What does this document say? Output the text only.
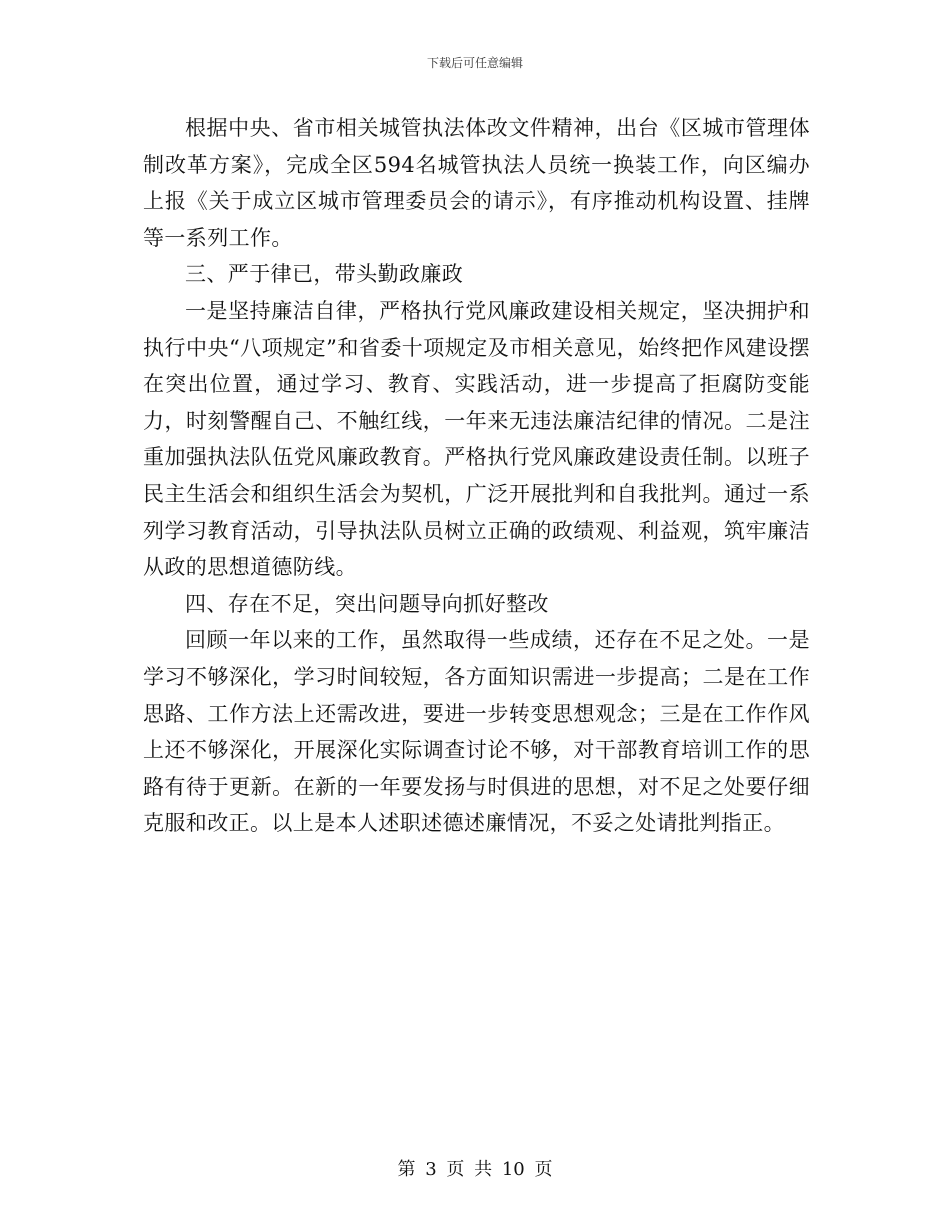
下载后可任意编辑

根据中央、省市相关城管执法体改文件精神，出台《区城市管理体制改革方案》，完成全区594名城管执法人员统一换装工作，向区编办上报《关于成立区城市管理委员会的请示》，有序推动机构设置、挂牌等一系列工作。

三、严于律已，带头勤政廉政

一是坚持廉洁自律，严格执行党风廉政建设相关规定，坚决拥护和执行中央“八项规定”和省委十项规定及市相关意见，始终把作风建设摆在突出位置，通过学习、教育、实践活动，进一步提高了拒腐防变能力，时刻警醒自己、不触红线，一年来无违法廉洁纪律的情况。二是注重加强执法队伍党风廉政教育。严格执行党风廉政建设责任制。以班子民主生活会和组织生活会为契机，广泛开展批判和自我批判。通过一系列学习教育活动，引导执法队员树立正确的政绩观、利益观，筑牢廉洁从政的思想道德防线。

四、存在不足，突出问题导向抓好整改

回顾一年以来的工作，虽然取得一些成绩，还存在不足之处。一是学习不够深化，学习时间较短，各方面知识需进一步提高；二是在工作思路、工作方法上还需改进，要进一步转变思想观念；三是在工作作风上还不够深化，开展深化实际调查讨论不够，对干部教育培训工作的思路有待于更新。在新的一年要发扬与时俱进的思想，对不足之处要仔细克服和改正。以上是本人述职述德述廉情况，不妥之处请批判指正。

第 3 页 共 10 页
